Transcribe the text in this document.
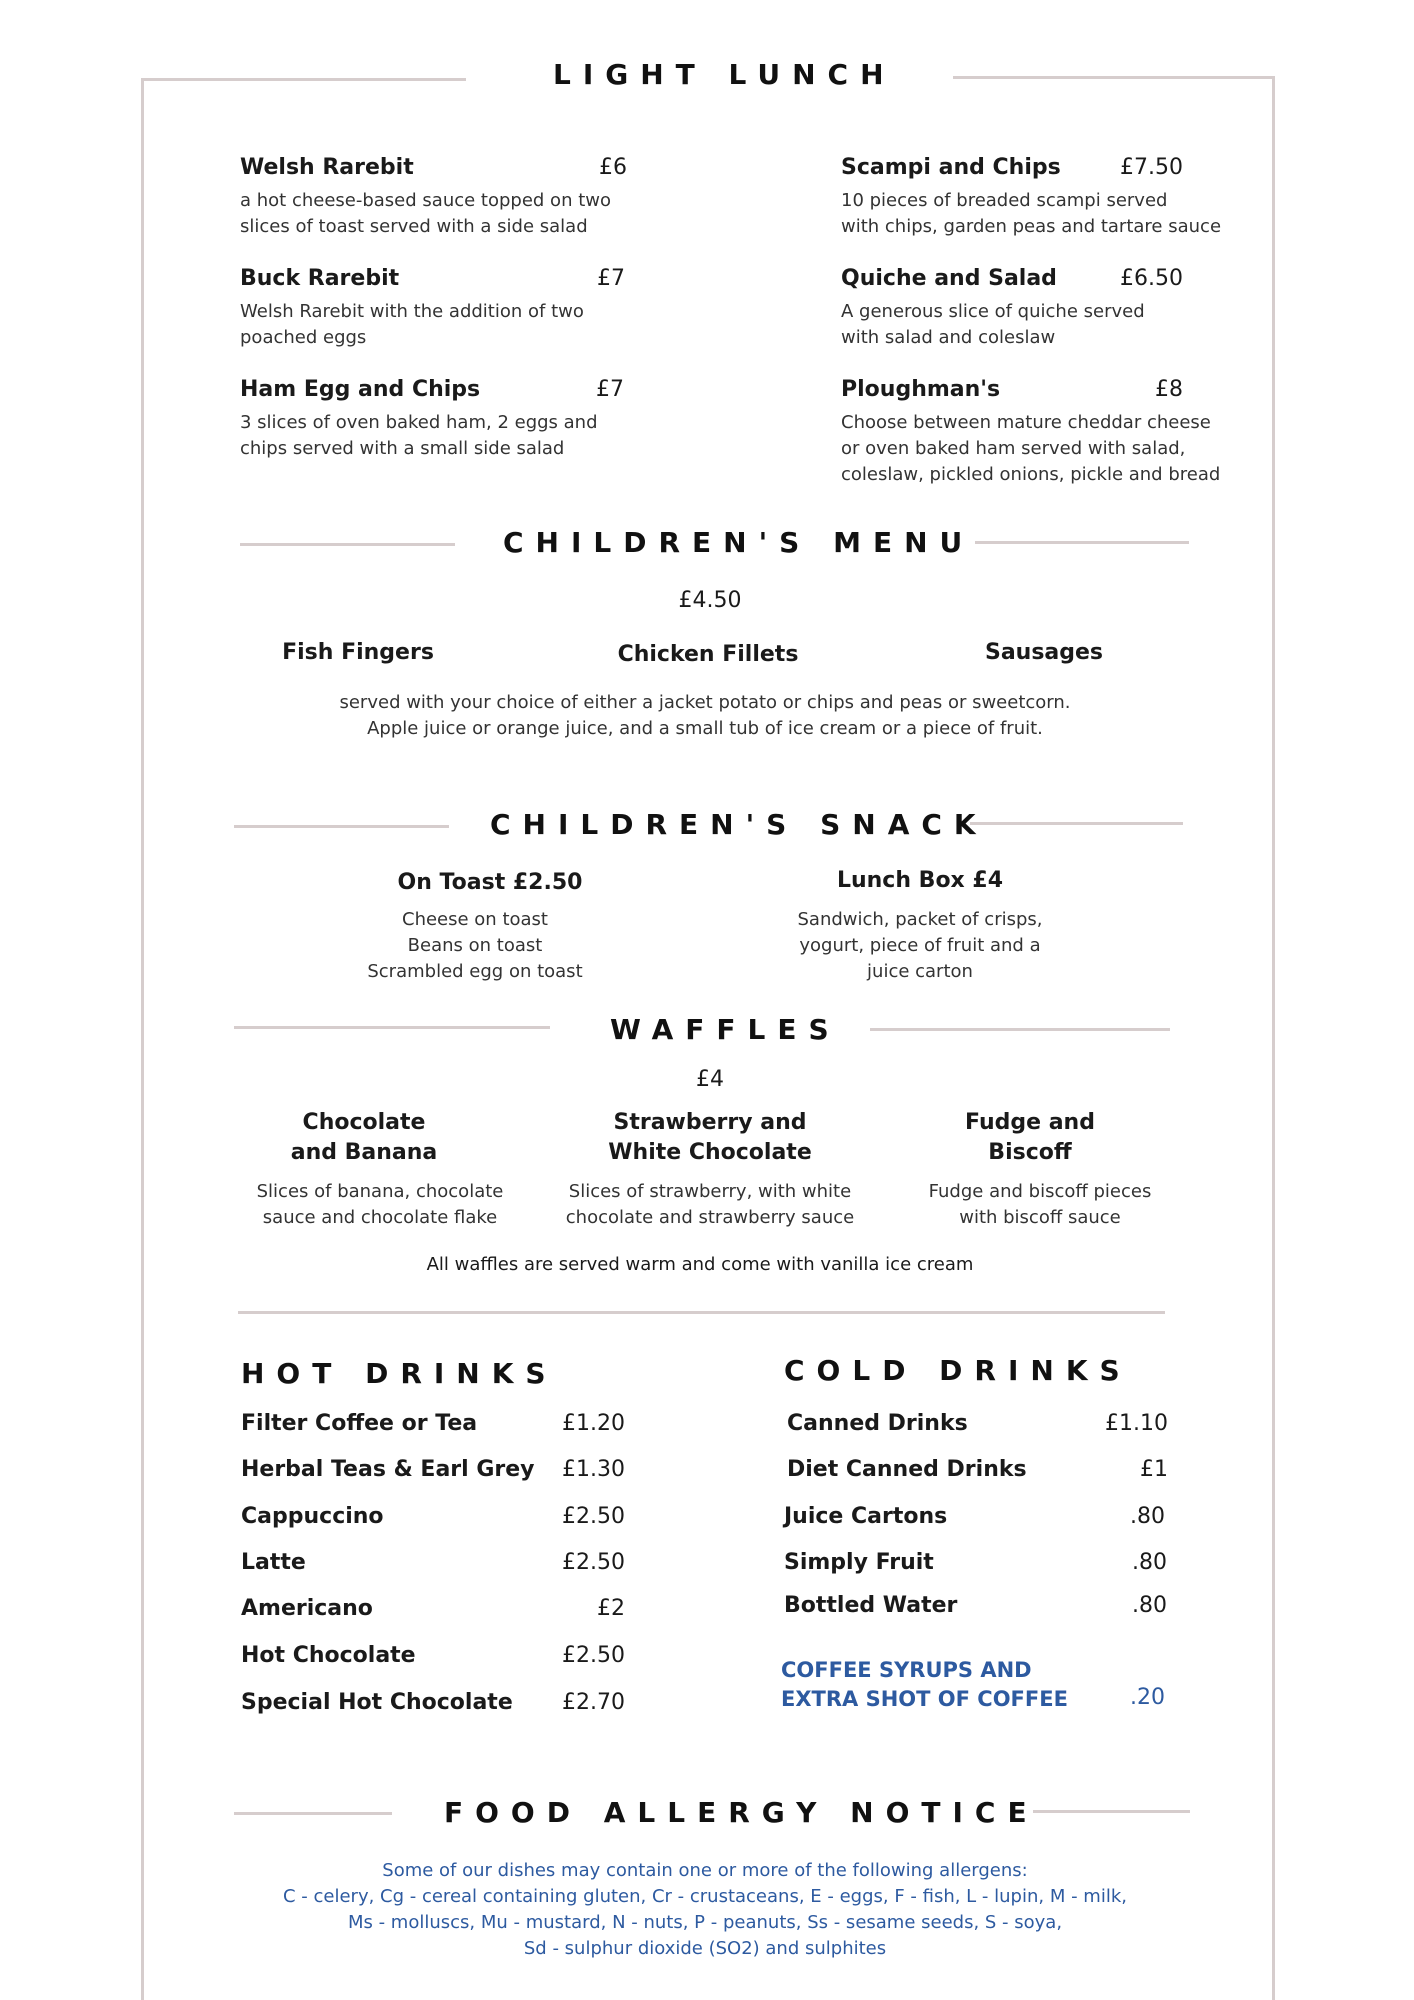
LIGHT LUNCH
Welsh Rarebit	£6
a hot cheese-based sauce topped on two
slices of toast served with a side salad
Buck Rarebit	£7
Welsh Rarebit with the addition of two
poached eggs
Ham Egg and Chips	£7
3 slices of oven baked ham, 2 eggs and
chips served with a small side salad
Scampi and Chips	£7.50
10 pieces of breaded scampi served
with chips, garden peas and tartare sauce
Quiche and Salad	£6.50
A generous slice of quiche served
with salad and coleslaw
Ploughman's	£8
Choose between mature cheddar cheese
or oven baked ham served with salad,
coleslaw, pickled onions, pickle and bread
CHILDREN'S MENU
£4.50
Fish Fingers	Chicken Fillets	Sausages
served with your choice of either a jacket potato or chips and peas or sweetcorn.
Apple juice or orange juice, and a small tub of ice cream or a piece of fruit.
CHILDREN'S SNACK
On Toast £2.50
Cheese on toast
Beans on toast
Scrambled egg on toast
Lunch Box £4
Sandwich, packet of crisps,
yogurt, piece of fruit and a
juice carton
WAFFLES
£4
Chocolate
and Banana
Slices of banana, chocolate
sauce and chocolate flake
Strawberry and
White Chocolate
Slices of strawberry, with white
chocolate and strawberry sauce
Fudge and
Biscoff
Fudge and biscoff pieces
with biscoff sauce
All waffles are served warm and come with vanilla ice cream
HOT DRINKS
Filter Coffee or Tea	£1.20
Herbal Teas & Earl Grey	£1.30
Cappuccino	£2.50
Latte	£2.50
Americano	£2
Hot Chocolate	£2.50
Special Hot Chocolate	£2.70
COLD DRINKS
Canned Drinks	£1.10
Diet Canned Drinks	£1
Juice Cartons	.80
Simply Fruit	.80
Bottled Water	.80
COFFEE SYRUPS AND
EXTRA SHOT OF COFFEE	.20
FOOD ALLERGY NOTICE
Some of our dishes may contain one or more of the following allergens:
C - celery, Cg - cereal containing gluten, Cr - crustaceans, E - eggs, F - fish, L - lupin, M - milk,
Ms - molluscs, Mu - mustard, N - nuts, P - peanuts, Ss - sesame seeds, S - soya,
Sd - sulphur dioxide (SO2) and sulphites
